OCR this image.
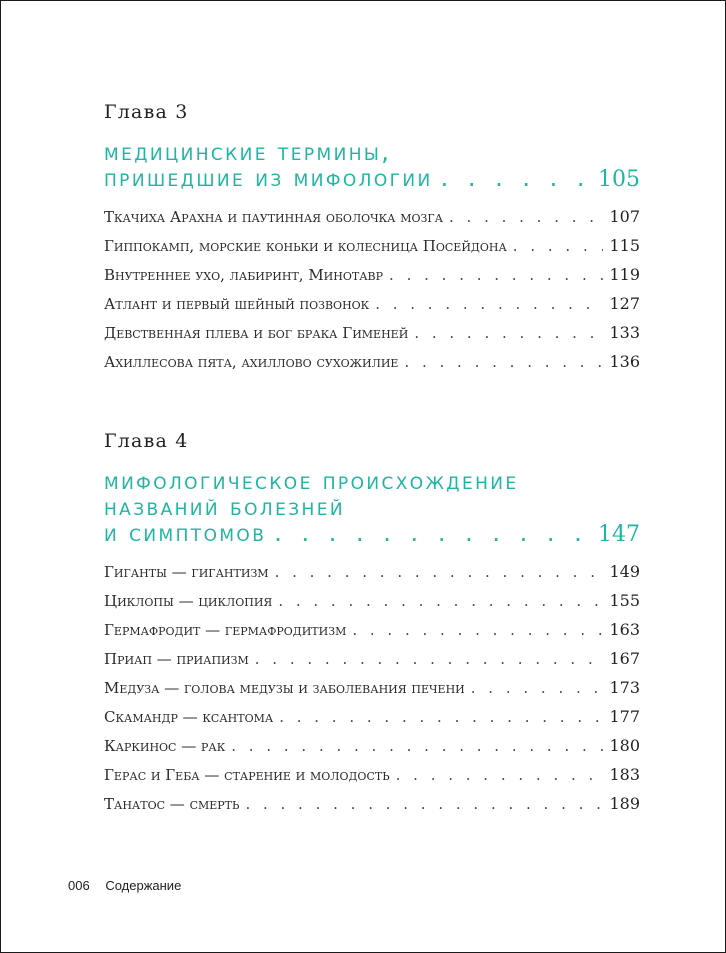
Глава 3
медицинские термины,
пришедшие из мифологии . . .	105
Ткачиха Арахна и паутинная оболочка мозга . . .	107
Гиппокамп, морские коньки и колесница Посейдона . . .	115
Внутреннее ухо, лабиринт, Минотавр . . .	119
Атлант и первый шейный позвонок . . .	127
Девственная плева и бог брака Гименей . . .	133
Ахиллесова пята, ахиллово сухожилие . . .	136
Глава 4
мифологическое происхождение
названий болезней
и симптомов . . .	147
Гиганты — гигантизм . . .	149
Циклопы — циклопия . . .	155
Гермафродит — гермафродитизм . . .	163
Приап — приапизм . . .	167
Медуза — голова медузы и заболевания печени . . .	173
Скамандр — ксантома . . .	177
Каркинос — рак . . .	180
Герас и Геба — старение и молодость . . .	183
Танатос — смерть . . .	189
006 Содержание
